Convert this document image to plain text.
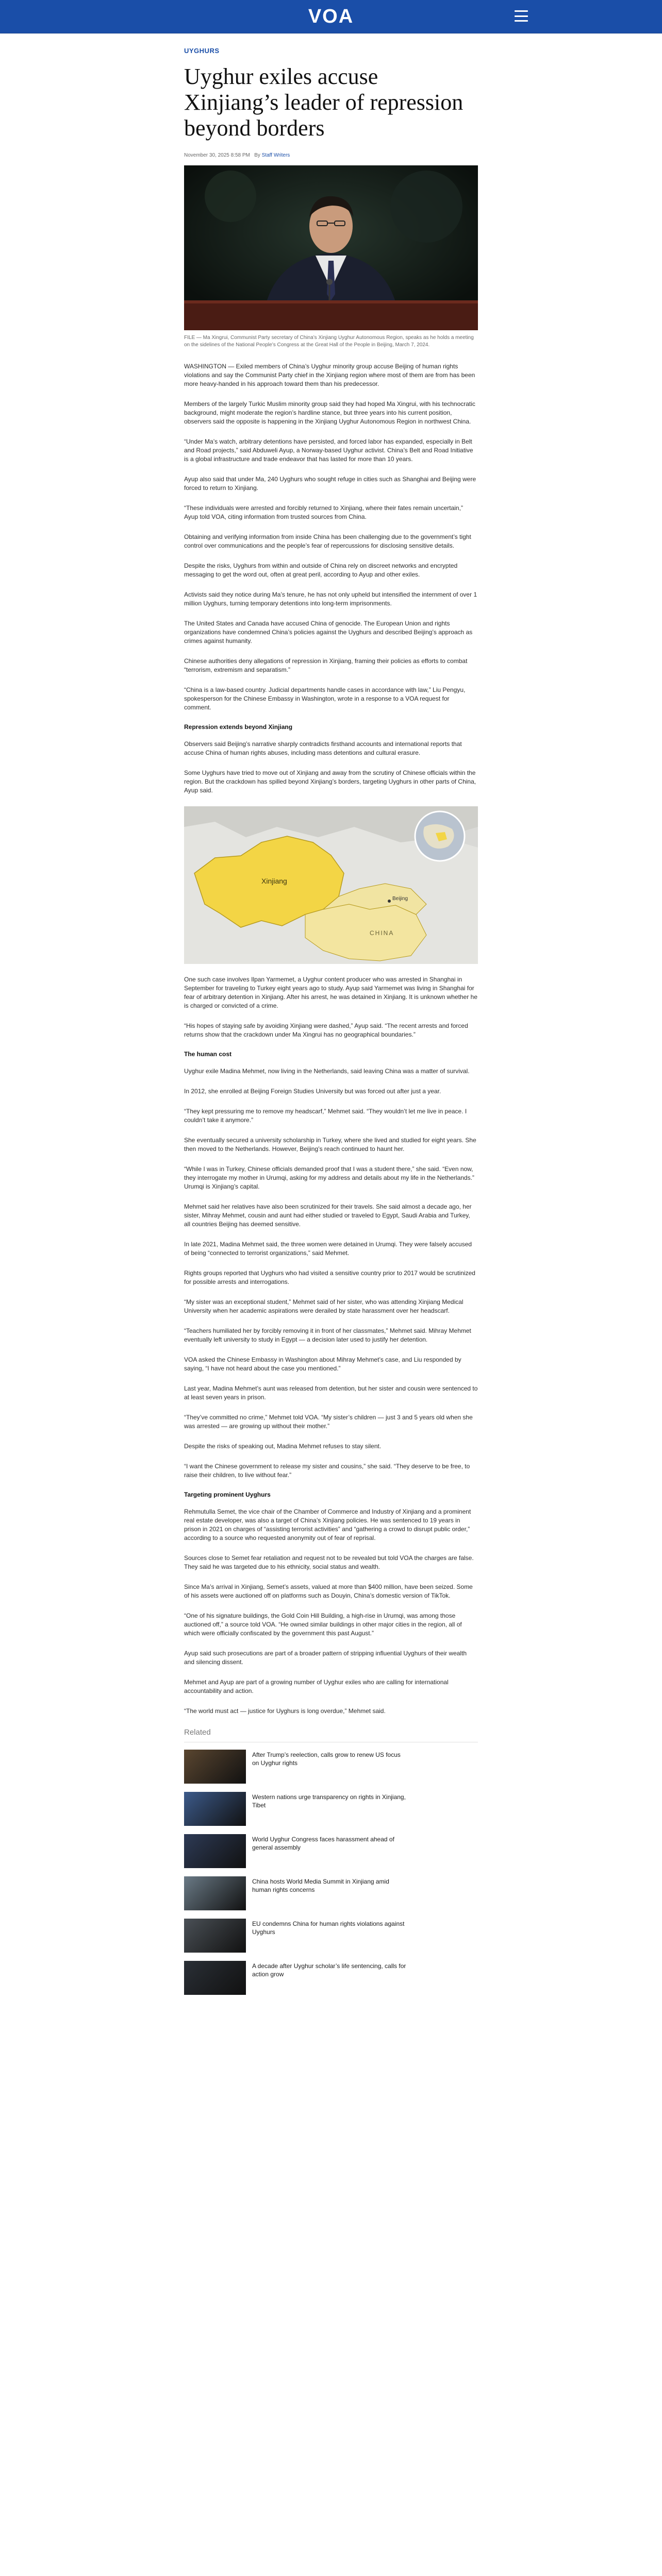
VOA
UYGHURS
Uyghur exiles accuse Xinjiang’s leader of repression beyond borders
November 30, 2025 8:58 PM By Staff Writers
FILE — Ma Xingrui, Communist Party secretary of China’s Xinjiang Uyghur Autonomous Region, speaks as he holds a meeting on the sidelines of the National People’s Congress at the Great Hall of the People in Beijing, March 7, 2024.

WASHINGTON — Exiled members of China’s Uyghur minority group accuse Beijing of human rights violations and say the Communist Party chief in the Xinjiang region where most of them are from has been more heavy-handed in his approach toward them than his predecessor.

Members of the largely Turkic Muslim minority group said they had hoped Ma Xingrui, with his technocratic background, might moderate the region’s hardline stance, but three years into his current position, observers said the opposite is happening in the Xinjiang Uyghur Autonomous Region in northwest China.

“Under Ma’s watch, arbitrary detentions have persisted, and forced labor has expanded, especially in Belt and Road projects,” said Abduweli Ayup, a Norway-based Uyghur activist. China’s Belt and Road Initiative is a global infrastructure and trade endeavor that has lasted for more than 10 years.

Ayup also said that under Ma, 240 Uyghurs who sought refuge in cities such as Shanghai and Beijing were forced to return to Xinjiang.

“These individuals were arrested and forcibly returned to Xinjiang, where their fates remain uncertain,” Ayup told VOA, citing information from trusted sources from China.

Obtaining and verifying information from inside China has been challenging due to the government’s tight control over communications and the people’s fear of repercussions for disclosing sensitive details.

Despite the risks, Uyghurs from within and outside of China rely on discreet networks and encrypted messaging to get the word out, often at great peril, according to Ayup and other exiles.

Activists said they notice during Ma’s tenure, he has not only upheld but intensified the internment of over 1 million Uyghurs, turning temporary detentions into long-term imprisonments.

The United States and Canada have accused China of genocide. The European Union and rights organizations have condemned China’s policies against the Uyghurs and described Beijing’s approach as crimes against humanity.

Chinese authorities deny allegations of repression in Xinjiang, framing their policies as efforts to combat “terrorism, extremism and separatism.”

“China is a law-based country. Judicial departments handle cases in accordance with law,” Liu Pengyu, spokesperson for the Chinese Embassy in Washington, wrote in a response to a VOA request for comment.

Repression extends beyond Xinjiang

Observers said Beijing’s narrative sharply contradicts firsthand accounts and international reports that accuse China of human rights abuses, including mass detentions and cultural erasure.

Some Uyghurs have tried to move out of Xinjiang and away from the scrutiny of Chinese officials within the region. But the crackdown has spilled beyond Xinjiang’s borders, targeting Uyghurs in other parts of China, Ayup said.

Xinjiang
CHINA
Beijing

One such case involves Ilpan Yarmemet, a Uyghur content producer who was arrested in Shanghai in September for traveling to Turkey eight years ago to study. Ayup said Yarmemet was living in Shanghai for fear of arbitrary detention in Xinjiang. After his arrest, he was detained in Xinjiang. It is unknown whether he is charged or convicted of a crime.

“His hopes of staying safe by avoiding Xinjiang were dashed,” Ayup said. “The recent arrests and forced returns show that the crackdown under Ma Xingrui has no geographical boundaries.”

The human cost

Uyghur exile Madina Mehmet, now living in the Netherlands, said leaving China was a matter of survival.

In 2012, she enrolled at Beijing Foreign Studies University but was forced out after just a year.

“They kept pressuring me to remove my headscarf,” Mehmet said. “They wouldn’t let me live in peace. I couldn’t take it anymore.”

She eventually secured a university scholarship in Turkey, where she lived and studied for eight years. She then moved to the Netherlands. However, Beijing’s reach continued to haunt her.

“While I was in Turkey, Chinese officials demanded proof that I was a student there,” she said. “Even now, they interrogate my mother in Urumqi, asking for my address and details about my life in the Netherlands.” Urumqi is Xinjiang’s capital.

Mehmet said her relatives have also been scrutinized for their travels. She said almost a decade ago, her sister, Mihray Mehmet, cousin and aunt had either studied or traveled to Egypt, Saudi Arabia and Turkey, all countries Beijing has deemed sensitive.

In late 2021, Madina Mehmet said, the three women were detained in Urumqi. They were falsely accused of being “connected to terrorist organizations,” said Mehmet.

Rights groups reported that Uyghurs who had visited a sensitive country prior to 2017 would be scrutinized for possible arrests and interrogations.

“My sister was an exceptional student,” Mehmet said of her sister, who was attending Xinjiang Medical University when her academic aspirations were derailed by state harassment over her headscarf.

“Teachers humiliated her by forcibly removing it in front of her classmates,” Mehmet said. Mihray Mehmet eventually left university to study in Egypt — a decision later used to justify her detention.

VOA asked the Chinese Embassy in Washington about Mihray Mehmet’s case, and Liu responded by saying, “I have not heard about the case you mentioned.”

Last year, Madina Mehmet’s aunt was released from detention, but her sister and cousin were sentenced to at least seven years in prison.

“They’ve committed no crime,” Mehmet told VOA. “My sister’s children — just 3 and 5 years old when she was arrested — are growing up without their mother.”

Despite the risks of speaking out, Madina Mehmet refuses to stay silent.

“I want the Chinese government to release my sister and cousins,” she said. “They deserve to be free, to raise their children, to live without fear.”

Targeting prominent Uyghurs

Rehmutulla Semet, the vice chair of the Chamber of Commerce and Industry of Xinjiang and a prominent real estate developer, was also a target of China’s Xinjiang policies. He was sentenced to 19 years in prison in 2021 on charges of “assisting terrorist activities” and “gathering a crowd to disrupt public order,” according to a source who requested anonymity out of fear of reprisal.

Sources close to Semet fear retaliation and request not to be revealed but told VOA the charges are false. They said he was targeted due to his ethnicity, social status and wealth.

Since Ma’s arrival in Xinjiang, Semet’s assets, valued at more than $400 million, have been seized. Some of his assets were auctioned off on platforms such as Douyin, China’s domestic version of TikTok.

“One of his signature buildings, the Gold Coin Hill Building, a high-rise in Urumqi, was among those auctioned off,” a source told VOA. “He owned similar buildings in other major cities in the region, all of which were officially confiscated by the government this past August.”

Ayup said such prosecutions are part of a broader pattern of stripping influential Uyghurs of their wealth and silencing dissent.

Mehmet and Ayup are part of a growing number of Uyghur exiles who are calling for international accountability and action.

“The world must act — justice for Uyghurs is long overdue,” Mehmet said.

Related
After Trump’s reelection, calls grow to renew US focus on Uyghur rights
Western nations urge transparency on rights in Xinjiang, Tibet
World Uyghur Congress faces harassment ahead of general assembly
China hosts World Media Summit in Xinjiang amid human rights concerns
EU condemns China for human rights violations against Uyghurs
A decade after Uyghur scholar’s life sentencing, calls for action grow
